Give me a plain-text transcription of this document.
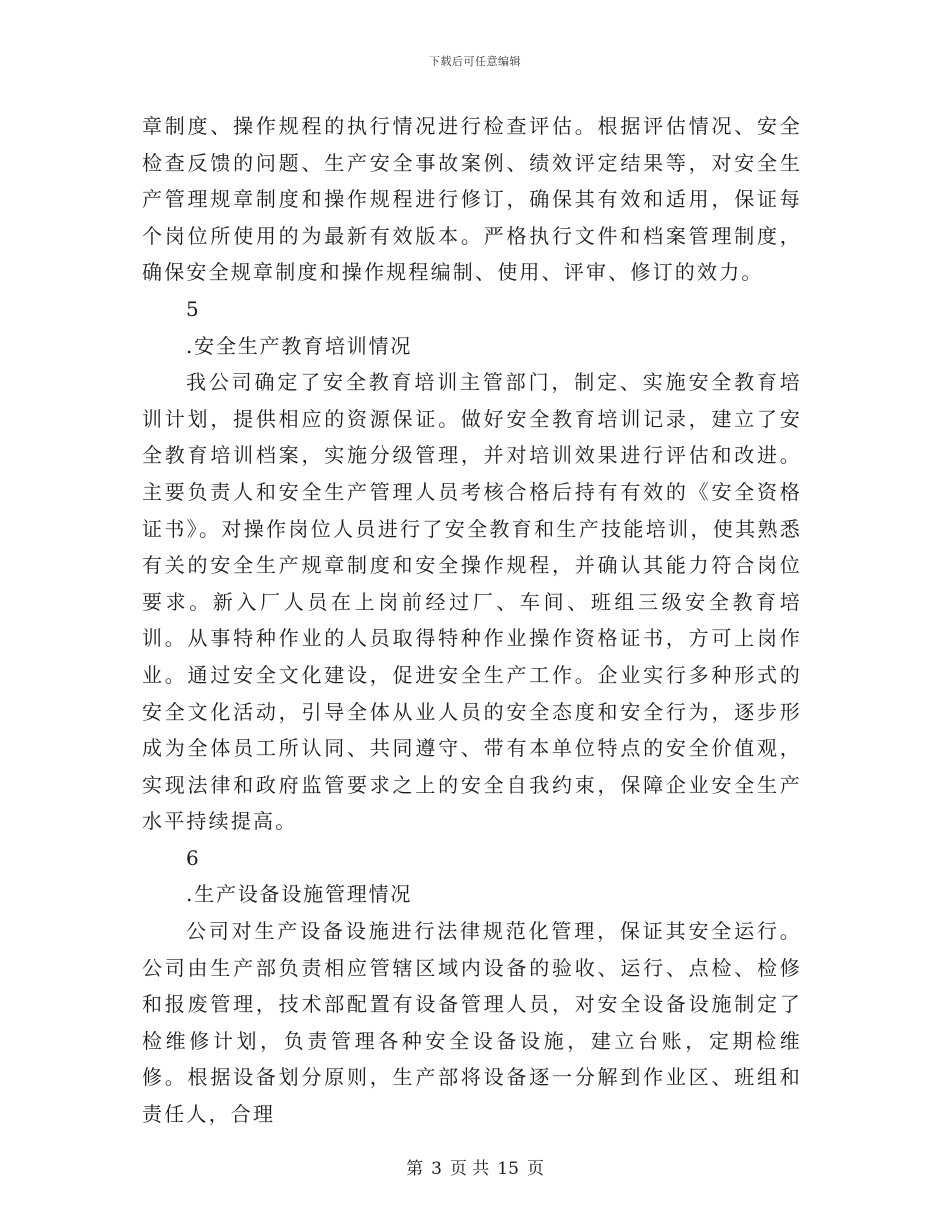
下载后可任意编辑

章制度、操作规程的执行情况进行检查评估。根据评估情况、安全检查反馈的问题、生产安全事故案例、绩效评定结果等，对安全生产管理规章制度和操作规程进行修订，确保其有效和适用，保证每个岗位所使用的为最新有效版本。严格执行文件和档案管理制度，确保安全规章制度和操作规程编制、使用、评审、修订的效力。

5

.安全生产教育培训情况

我公司确定了安全教育培训主管部门，制定、实施安全教育培训计划，提供相应的资源保证。做好安全教育培训记录，建立了安全教育培训档案，实施分级管理，并对培训效果进行评估和改进。主要负责人和安全生产管理人员考核合格后持有有效的《安全资格证书》。对操作岗位人员进行了安全教育和生产技能培训，使其熟悉有关的安全生产规章制度和安全操作规程，并确认其能力符合岗位要求。新入厂人员在上岗前经过厂、车间、班组三级安全教育培训。从事特种作业的人员取得特种作业操作资格证书，方可上岗作业。通过安全文化建设，促进安全生产工作。企业实行多种形式的安全文化活动，引导全体从业人员的安全态度和安全行为，逐步形成为全体员工所认同、共同遵守、带有本单位特点的安全价值观，实现法律和政府监管要求之上的安全自我约束，保障企业安全生产水平持续提高。

6

.生产设备设施管理情况

公司对生产设备设施进行法律规范化管理，保证其安全运行。公司由生产部负责相应管辖区域内设备的验收、运行、点检、检修和报废管理，技术部配置有设备管理人员，对安全设备设施制定了检维修计划，负责管理各种安全设备设施，建立台账，定期检维修。根据设备划分原则，生产部将设备逐一分解到作业区、班组和责任人，合理

第 3 页 共 15 页
